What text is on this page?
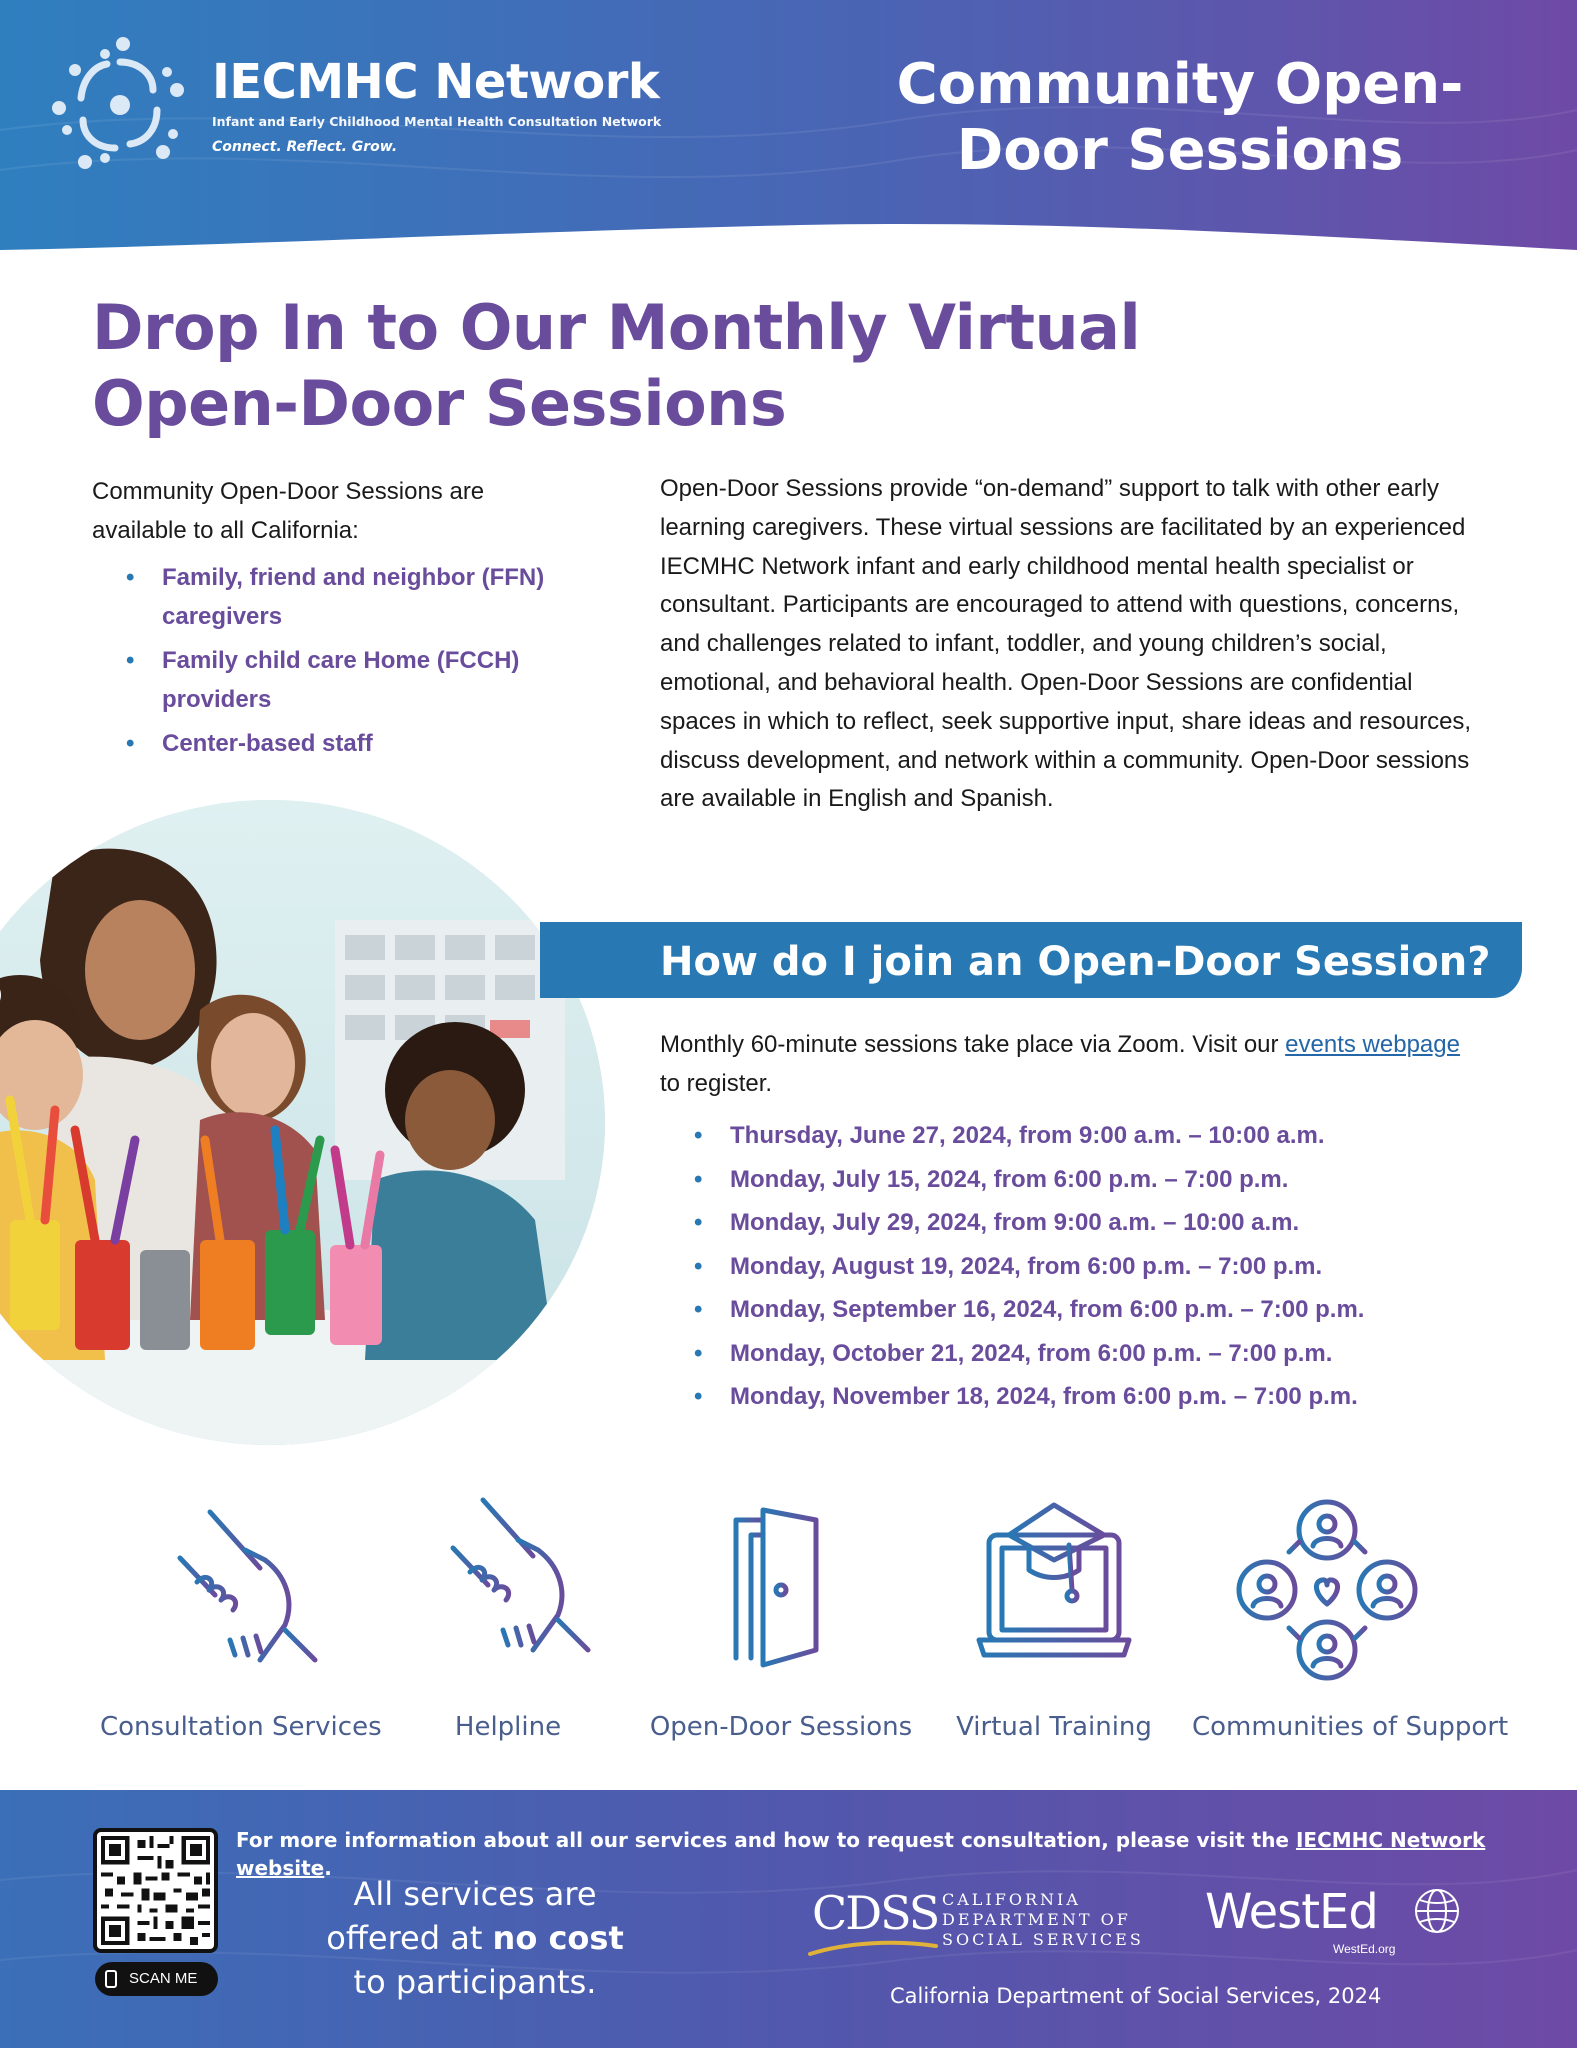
IECMHC Network
Infant and Early Childhood Mental Health Consultation Network
Connect. Reflect. Grow.
Community Open-Door Sessions
Drop In to Our Monthly Virtual Open-Door Sessions

Community Open-Door Sessions are available to all California:

• Family, friend and neighbor (FFN) caregivers
• Family child care Home (FCCH) providers
• Center-based staff

Open-Door Sessions provide “on-demand” support to talk with other early learning caregivers. These virtual sessions are facilitated by an experienced IECMHC Network infant and early childhood mental health specialist or consultant. Participants are encouraged to attend with questions, concerns, and challenges related to infant, toddler, and young children’s social, emotional, and behavioral health. Open-Door Sessions are confidential spaces in which to reflect, seek supportive input, share ideas and resources, discuss development, and network within a community. Open-Door sessions are available in English and Spanish.

How do I join an Open-Door Session?

Monthly 60-minute sessions take place via Zoom. Visit our events webpage to register.

• Thursday, June 27, 2024, from 9:00 a.m. – 10:00 a.m.
• Monday, July 15, 2024, from 6:00 p.m. – 7:00 p.m.
• Monday, July 29, 2024, from 9:00 a.m. – 10:00 a.m.
• Monday, August 19, 2024, from 6:00 p.m. – 7:00 p.m.
• Monday, September 16, 2024, from 6:00 p.m. – 7:00 p.m.
• Monday, October 21, 2024, from 6:00 p.m. – 7:00 p.m.
• Monday, November 18, 2024, from 6:00 p.m. – 7:00 p.m.
Consultation Services	Helpline	Open-Door Sessions	Virtual Training	Communities of Support
SCAN ME
For more information about all our services and how to request consultation, please visit the IECMHC Network website.
All services are offered at no cost to participants.
CDSS CALIFORNIA
DEPARTMENT OF
SOCIAL SERVICES WestEd
WestEd.org
California Department of Social Services, 2024
